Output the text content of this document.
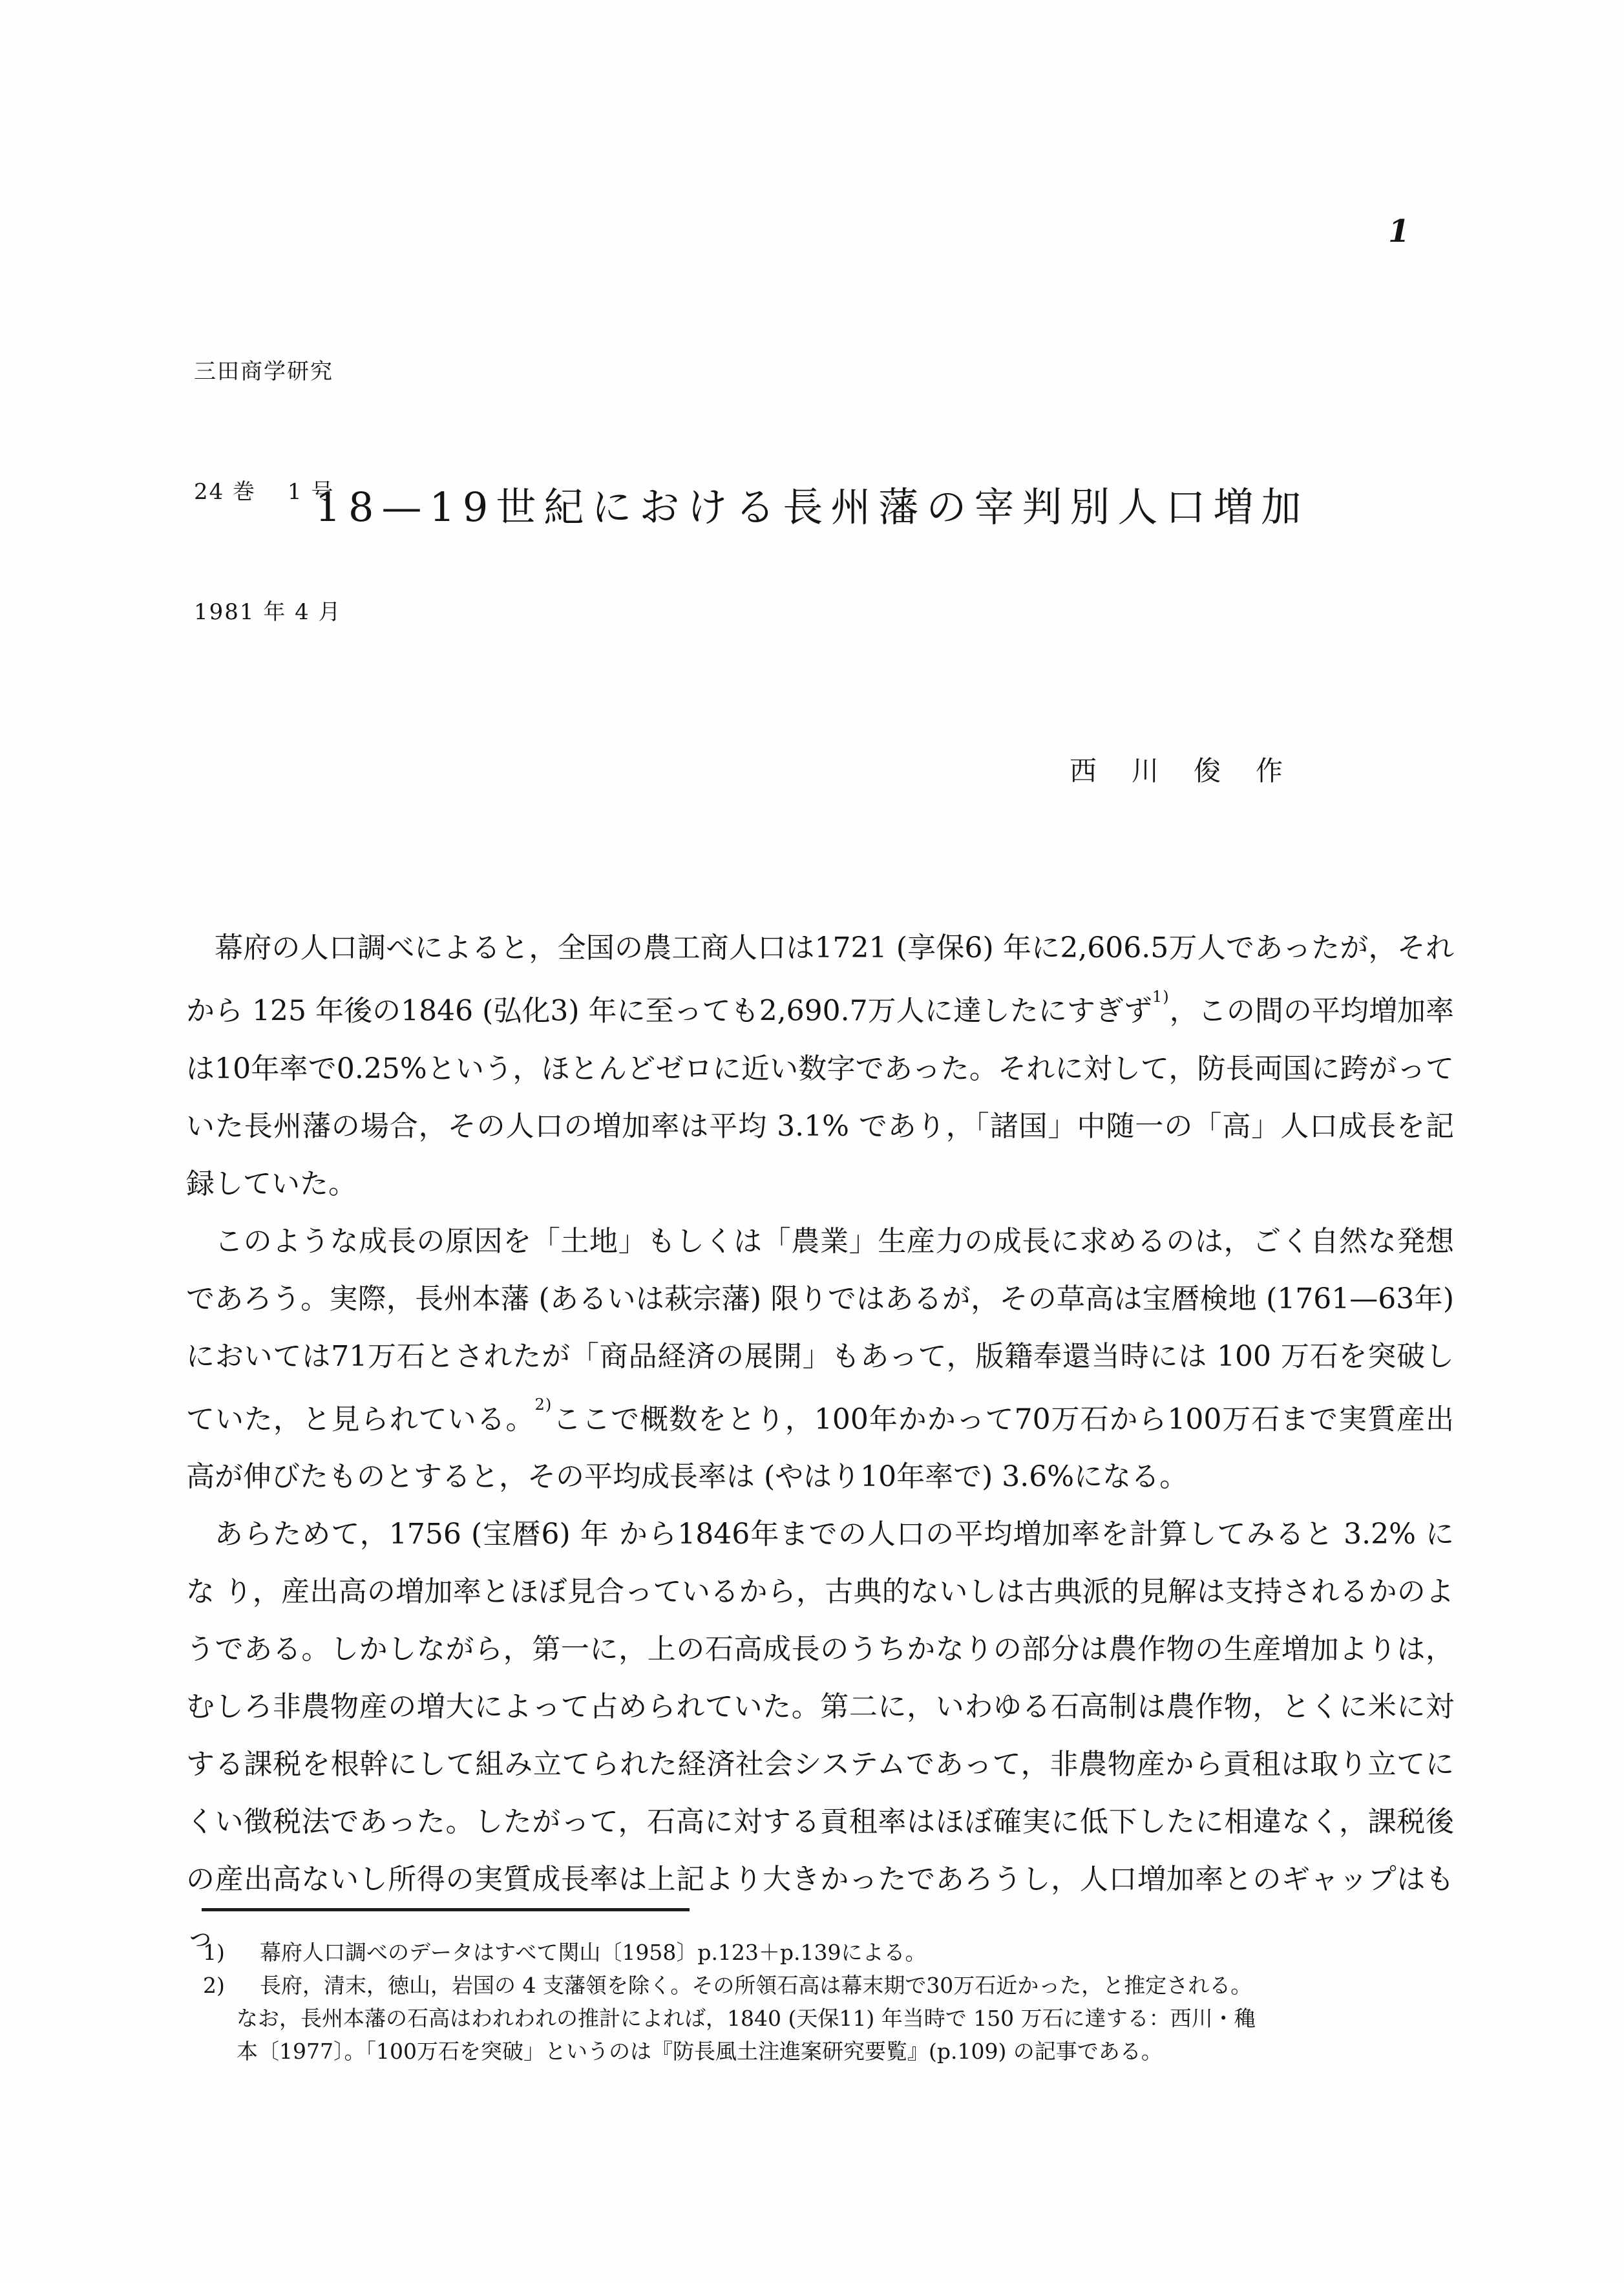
三田商学研究

24 巻　 1 号

1981 年 4 月

1
18—19世紀における長州藩の宰判別人口増加
西　川　俊　作

幕府の人口調べによると，全国の農工商人口は1721 (享保6) 年に2,606.5万人であったが，それから 125 年後の1846 (弘化3) 年に至っても2,690.7万人に達したにすぎず$^{1)}$，この間の平均増加率は10年率で0.25%という，ほとんどゼロに近い数字であった。それに対して，防長両国に跨がっていた長州藩の場合，その人口の増加率は平均 3.1% であり，「諸国」中随一の「高」人口成長を記録していた。

このような成長の原因を「土地」もしくは「農業」生産力の成長に求めるのは，ごく自然な発想であろう。実際，長州本藩 (あるいは萩宗藩) 限りではあるが，その草高は宝暦検地 (1761—63年) においては71万石とされたが「商品経済の展開」もあって，版籍奉還当時には 100 万石を突破していた，と見られている。$^{2)}$ここで概数をとり，100年かかって70万石から100万石まで実質産出高が伸びたものとすると，その平均成長率は (やはり10年率で) 3.6%になる。

あらためて，1756 (宝暦6) 年 から1846年までの人口の平均増加率を計算してみると 3.2% にな り，産出高の増加率とほぼ見合っているから，古典的ないしは古典派的見解は支持されるかのようである。しかしながら，第一に，上の石高成長のうちかなりの部分は農作物の生産増加よりは，むしろ非農物産の増大によって占められていた。第二に，いわゆる石高制は農作物，とくに米に対する課税を根幹にして組み立てられた経済社会システムであって，非農物産から貢租は取り立てにくい徴税法であった。したがって，石高に対する貢租率はほぼ確実に低下したに相違なく，課税後の産出高ないし所得の実質成長率は上記より大きかったであろうし，人口増加率とのギャップはもっ

1) 幕府人口調べのデータはすべて関山〔1958〕p.123＋p.139による。
2) 長府，清末，徳山，岩国の 4 支藩領を除く。その所領石高は幕末期で30万石近かった，と推定される。
なお，長州本藩の石高はわれわれの推計によれば，1840 (天保11) 年当時で 150 万石に達する：西川・穐
本〔1977〕。「100万石を突破」というのは『防長風土注進案研究要覧』(p.109) の記事である。
